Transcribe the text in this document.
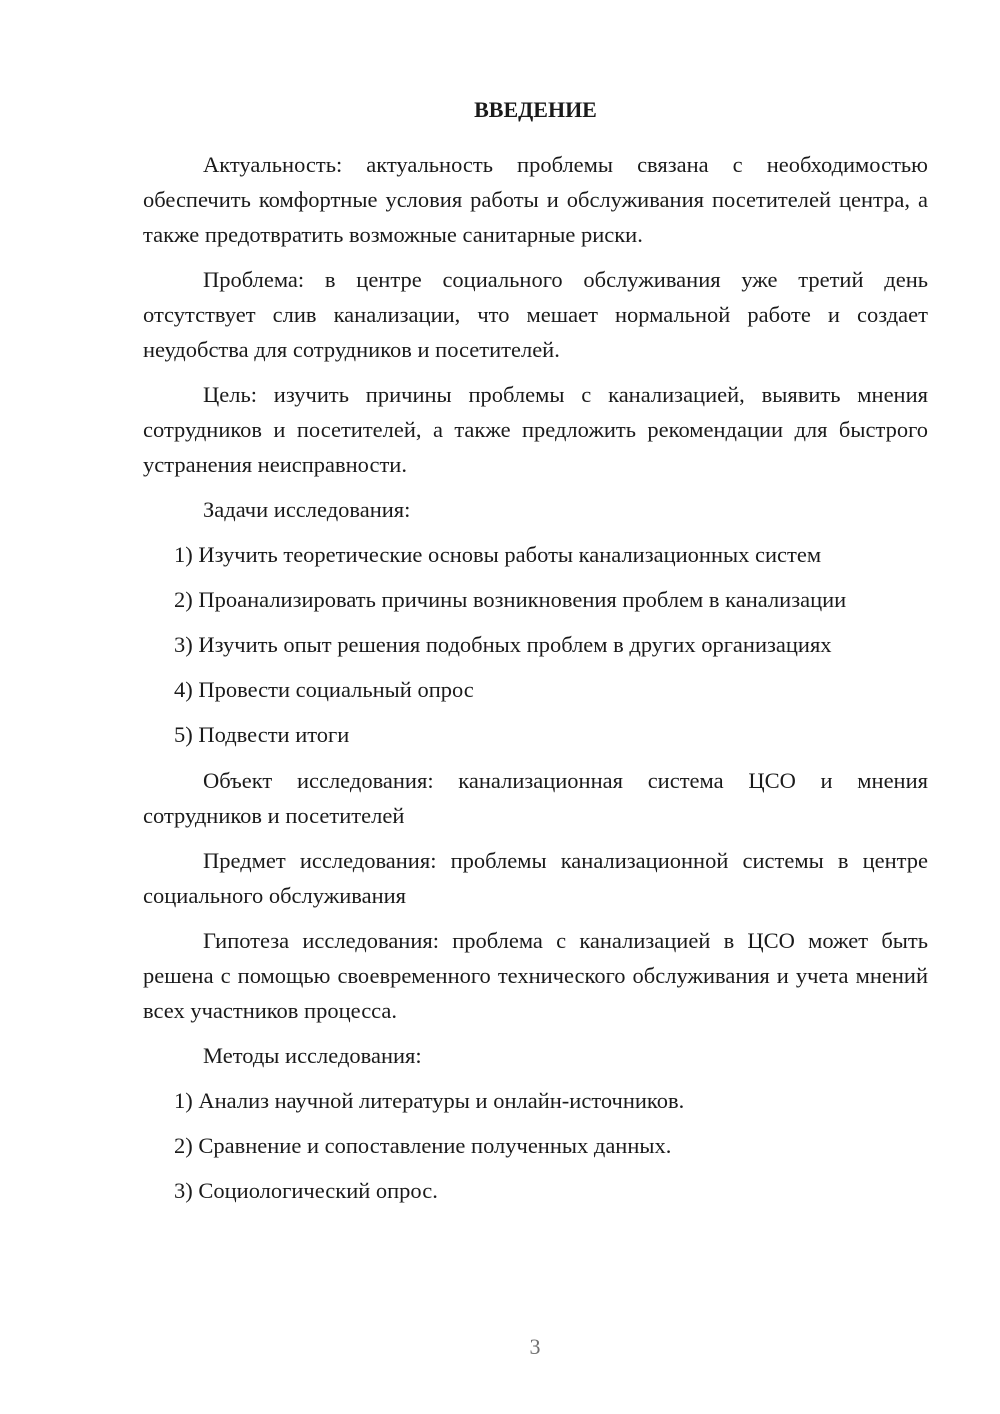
ВВЕДЕНИЕ

Актуальность: актуальность проблемы связана с необходимостью обеспечить комфортные условия работы и обслуживания посетителей центра, а также предотвратить возможные санитарные риски.

Проблема: в центре социального обслуживания уже третий день отсутствует слив канализации, что мешает нормальной работе и создает неудобства для сотрудников и посетителей.

Цель: изучить причины проблемы с канализацией, выявить мнения сотрудников и посетителей, а также предложить рекомендации для быстрого устранения неисправности.

Задачи исследования:

1) Изучить теоретические основы работы канализационных систем
2) Проанализировать причины возникновения проблем в канализации
3) Изучить опыт решения подобных проблем в других организациях
4) Провести социальный опрос
5) Подвести итоги

Объект исследования: канализационная система ЦСО и мнения сотрудников и посетителей

Предмет исследования: проблемы канализационной системы в центре социального обслуживания

Гипотеза исследования: проблема с канализацией в ЦСО может быть решена с помощью своевременного технического обслуживания и учета мнений всех участников процесса.

Методы исследования:

1) Анализ научной литературы и онлайн-источников.
2) Сравнение и сопоставление полученных данных.
3) Социологический опрос.
3
